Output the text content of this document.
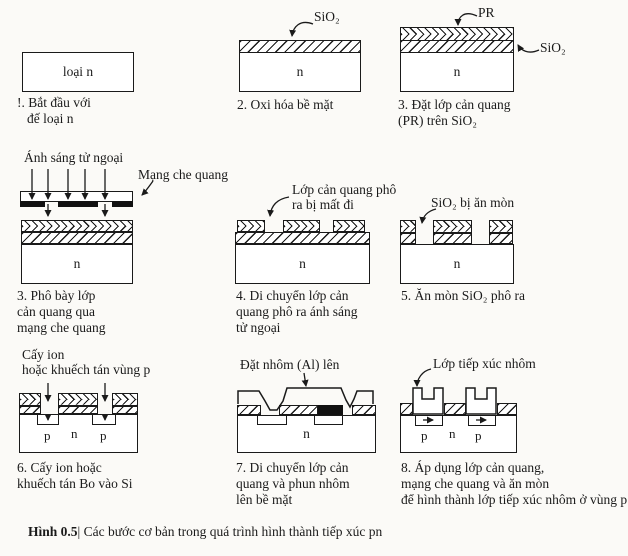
loại n
!. Bắt đầu với
đế loại n
SiO₂
n
2. Oxi hóa bề mặt
PR
SiO₂
n
3. Đặt lớp cản quang
(PR) trên SiO₂
Ánh sáng tử ngoại
Mạng che quang
n
3. Phô bày lớp
cản quang qua
mạng che quang
Lớp cản quang phô
ra bị mất đi
n
4. Di chuyển lớp cản
quang phô ra ánh sáng
tử ngoại
SiO₂ bị ăn mòn
n
5. Ăn mòn SiO₂ phô ra
Cấy ion
hoặc khuếch tán vùng p
p n p
6. Cấy ion hoặc
khuếch tán Bo vào Si
Đặt nhôm (Al) lên
n
7. Di chuyển lớp cản
quang và phun nhôm
lên bề mặt
Lớp tiếp xúc nhôm
p n p
8. Áp dụng lớp cản quang,
mạng che quang và ăn mòn
để hình thành lớp tiếp xúc nhôm ở vùng p
Hình 0.5| Các bước cơ bản trong quá trình hình thành tiếp xúc pn
